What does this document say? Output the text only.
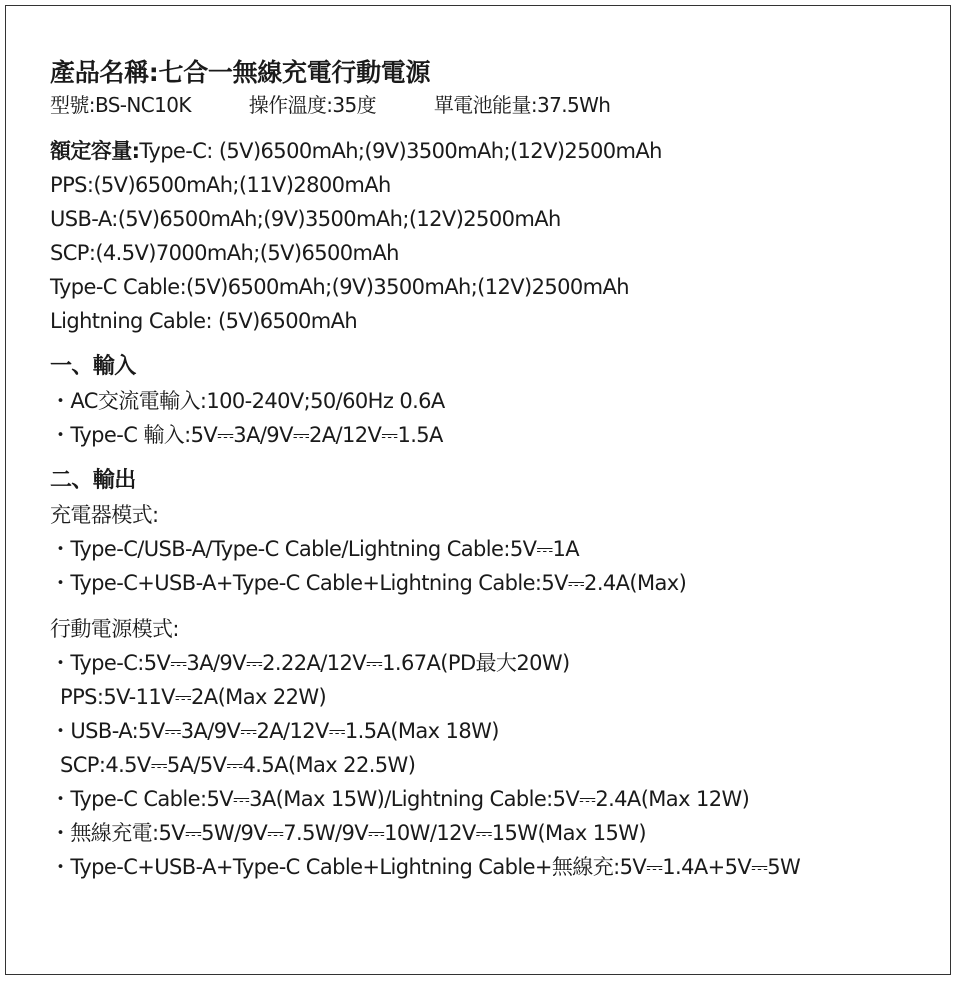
產品名稱:七合一無線充電行動電源
型號:BS-NC10K	操作溫度:35度	單電池能量:37.5Wh
額定容量:Type-C: (5V)6500mAh;(9V)3500mAh;(12V)2500mAh
PPS:(5V)6500mAh;(11V)2800mAh
USB-A:(5V)6500mAh;(9V)3500mAh;(12V)2500mAh
SCP:(4.5V)7000mAh;(5V)6500mAh
Type-C Cable:(5V)6500mAh;(9V)3500mAh;(12V)2500mAh
Lightning Cable: (5V)6500mAh
一、輸入
・AC交流電輸入:100-240V;50/60Hz 0.6A
・Type-C 輸入:5V⎓3A/9V⎓2A/12V⎓1.5A
二、輸出
充電器模式:
・Type-C/USB-A/Type-C Cable/Lightning Cable:5V⎓1A
・Type-C+USB-A+Type-C Cable+Lightning Cable:5V⎓2.4A(Max)
行動電源模式:
・Type-C:5V⎓3A/9V⎓2.22A/12V⎓1.67A(PD最大20W)
PPS:5V-11V⎓2A(Max 22W)
・USB-A:5V⎓3A/9V⎓2A/12V⎓1.5A(Max 18W)
SCP:4.5V⎓5A/5V⎓4.5A(Max 22.5W)
・Type-C Cable:5V⎓3A(Max 15W)/Lightning Cable:5V⎓2.4A(Max 12W)
・無線充電:5V⎓5W/9V⎓7.5W/9V⎓10W/12V⎓15W(Max 15W)
・Type-C+USB-A+Type-C Cable+Lightning Cable+無線充:5V⎓1.4A+5V⎓5W
